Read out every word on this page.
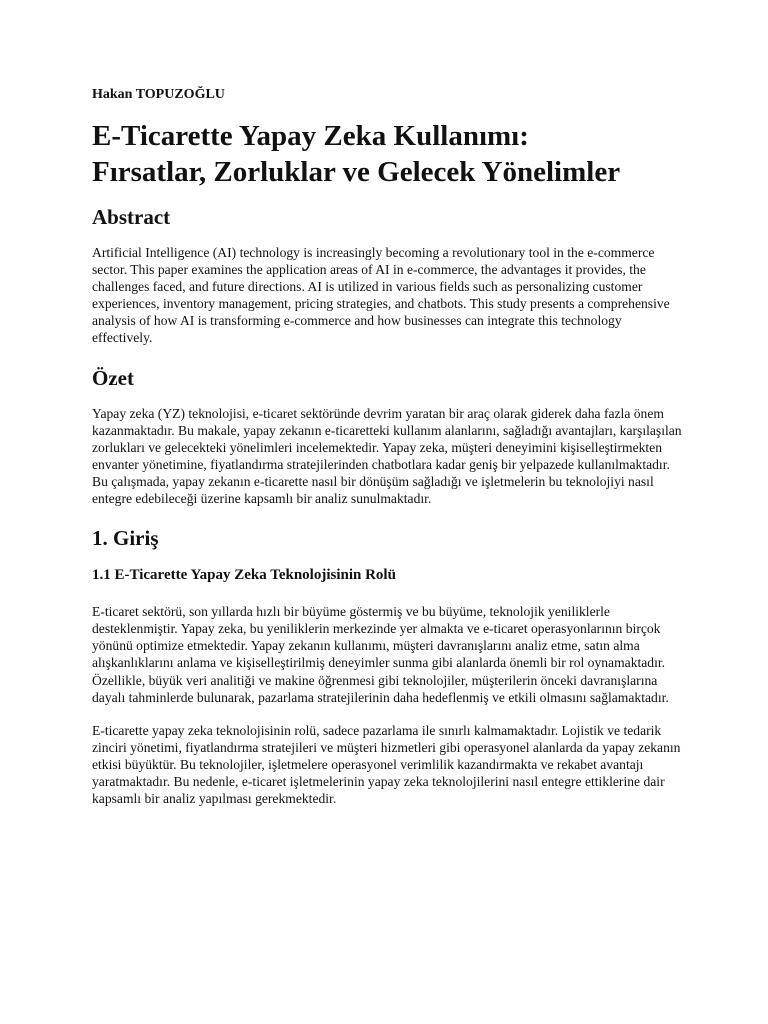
Hakan TOPUZOĞLU
E-Ticarette Yapay Zeka Kullanımı:
Fırsatlar, Zorluklar ve Gelecek Yönelimler
Abstract

Artificial Intelligence (AI) technology is increasingly becoming a revolutionary tool in the e-commerce sector. This paper examines the application areas of AI in e-commerce, the advantages it provides, the challenges faced, and future directions. AI is utilized in various fields such as personalizing customer experiences, inventory management, pricing strategies, and chatbots. This study presents a comprehensive analysis of how AI is transforming e-commerce and how businesses can integrate this technology effectively.

Özet

Yapay zeka (YZ) teknolojisi, e-ticaret sektöründe devrim yaratan bir araç olarak giderek daha fazla önem kazanmaktadır. Bu makale, yapay zekanın e-ticaretteki kullanım alanlarını, sağladığı avantajları, karşılaşılan zorlukları ve gelecekteki yönelimleri incelemektedir. Yapay zeka, müşteri deneyimini kişiselleştirmekten envanter yönetimine, fiyatlandırma stratejilerinden chatbotlara kadar geniş bir yelpazede kullanılmaktadır. Bu çalışmada, yapay zekanın e-ticarette nasıl bir dönüşüm sağladığı ve işletmelerin bu teknolojiyi nasıl entegre edebileceği üzerine kapsamlı bir analiz sunulmaktadır.

1. Giriş
1.1 E-Ticarette Yapay Zeka Teknolojisinin Rolü

E-ticaret sektörü, son yıllarda hızlı bir büyüme göstermiş ve bu büyüme, teknolojik yeniliklerle desteklenmiştir. Yapay zeka, bu yeniliklerin merkezinde yer almakta ve e-ticaret operasyonlarının birçok yönünü optimize etmektedir. Yapay zekanın kullanımı, müşteri davranışlarını analiz etme, satın alma alışkanlıklarını anlama ve kişiselleştirilmiş deneyimler sunma gibi alanlarda önemli bir rol oynamaktadır. Özellikle, büyük veri analitiği ve makine öğrenmesi gibi teknolojiler, müşterilerin önceki davranışlarına dayalı tahminlerde bulunarak, pazarlama stratejilerinin daha hedeflenmiş ve etkili olmasını sağlamaktadır.

E-ticarette yapay zeka teknolojisinin rolü, sadece pazarlama ile sınırlı kalmamaktadır. Lojistik ve tedarik zinciri yönetimi, fiyatlandırma stratejileri ve müşteri hizmetleri gibi operasyonel alanlarda da yapay zekanın etkisi büyüktür. Bu teknolojiler, işletmelere operasyonel verimlilik kazandırmakta ve rekabet avantajı yaratmaktadır. Bu nedenle, e-ticaret işletmelerinin yapay zeka teknolojilerini nasıl entegre ettiklerine dair kapsamlı bir analiz yapılması gerekmektedir.
